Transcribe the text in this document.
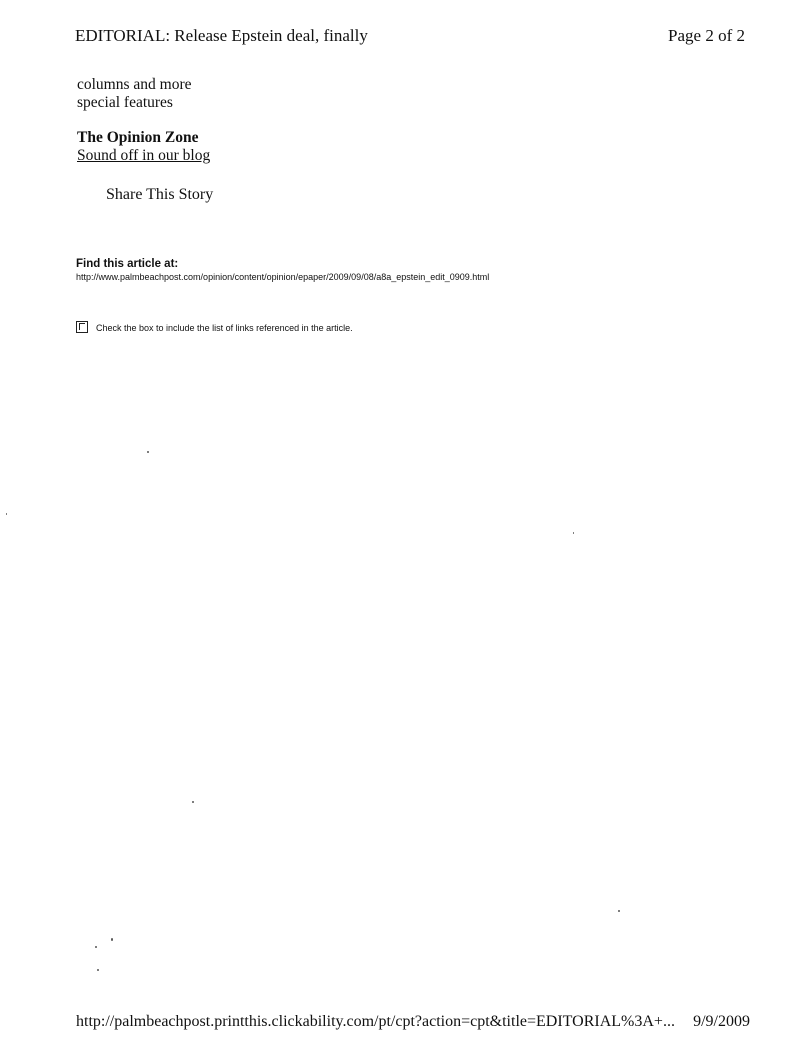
EDITORIAL: Release Epstein deal, finally	Page 2 of 2
columns and more
special features
The Opinion Zone
Sound off in our blog
Share This Story
Find this article at:
http://www.palmbeachpost.com/opinion/content/opinion/epaper/2009/09/08/a8a_epstein_edit_0909.html
Check the box to include the list of links referenced in the article.
http://palmbeachpost.printthis.clickability.com/pt/cpt?action=cpt&title=EDITORIAL%3A+... 9/9/2009
